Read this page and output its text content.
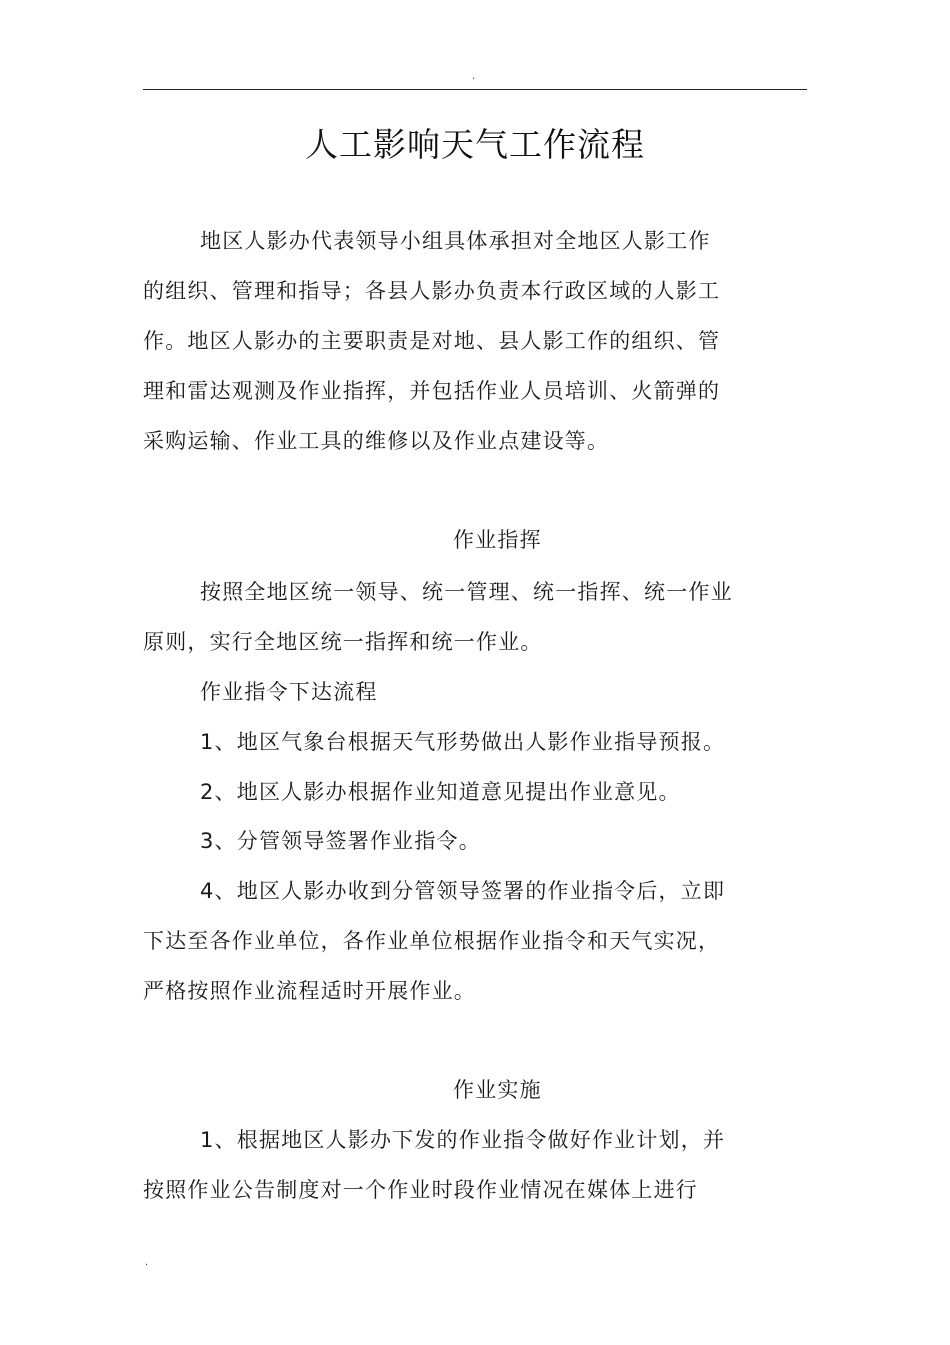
.
人工影响天气工作流程
地区人影办代表领导小组具体承担对全地区人影工作
的组织、管理和指导；各县人影办负责本行政区域的人影工
作。地区人影办的主要职责是对地、县人影工作的组织、管
理和雷达观测及作业指挥，并包括作业人员培训、火箭弹的
采购运输、作业工具的维修以及作业点建设等。
作业指挥
按照全地区统一领导、统一管理、统一指挥、统一作业
原则，实行全地区统一指挥和统一作业。
作业指令下达流程
1、地区气象台根据天气形势做出人影作业指导预报。
2、地区人影办根据作业知道意见提出作业意见。
3、分管领导签署作业指令。
4、地区人影办收到分管领导签署的作业指令后，立即
下达至各作业单位，各作业单位根据作业指令和天气实况，
严格按照作业流程适时开展作业。
作业实施
1、根据地区人影办下发的作业指令做好作业计划，并
按照作业公告制度对一个作业时段作业情况在媒体上进行
.
